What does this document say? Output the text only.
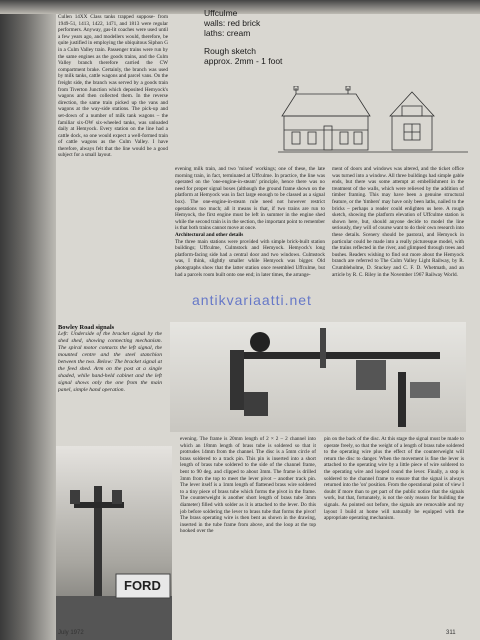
Cullen 14XX Class tanks trapped suppose- from 1949-51, 1413, 1422, 1471, and 1813 were regular performers. Anyway, gas-lit coaches were used until a few years ago, and modellers would, therefore, be quite justified in employing the ubiquitous Siphon G in a Culm Valley train. Passenger trains were run by the same engines as the goods trains, and the Culm Valley branch therefore carried the CW compartment brake. Certainly, the branch was used by milk tanks, cattle wagons and parcel vans. On the freight side, the branch was served by a goods train from Tiverton Junction which deposited Hemyock's wagons and then collected them. In the reverse direction, the same train picked up the vans and wagons at the way-side stations. The pick-up and set-down of a number of milk tank wagons – the familiar six-OW six-wheeled tanks, was unloaded daily at Hemyock. Every station on the line had a cattle dock, so one would expect a well-formed train of cattle wagons as the Culm Valley. I have therefore, always felt that the line would be a good subject for a small layout.

Uffculme
walls: red brick
laths: cream
Rough sketch
approx. 2mm - 1 foot

evening milk train, and two 'mixed' workings; one of these, the late morning train, in fact, terminated at Uffculme. In practice, the line was operated on the 'one-engine-in-steam' principle, hence there was no need for proper signal boxes (although the ground frame shown on the platform at Hemyock was in fact large enough to be classed as a signal box). The one-engine-in-steam rule need not however restrict operations too much; all it means is that, if two trains are run to Hemyock, the first engine must be left in summer in the engine shed while the second train is in the section, the important point to remember is that both trains cannot move at once.

Architectural and other details

The three main stations were provided with simple brick-built station buildings; Uffculme, Culmstock and Hemyock. Hemyock's long platform-facing side had a central door and two windows. Culmstock was, I think, slightly smaller while Hemyock was bigger. Old photographs show that the latter station once resembled Uffculme, but had a parcels room built onto one end; in later times, the arrange-

ment of doors and windows was altered, and the ticket office was turned into a window. All three buildings had simple gable ends, but there was some attempt at embellishment in the treatment of the walls, which were relieved by the addition of timber framing. This may have been a genuine structural feature, or the 'timbers' may have only been laths, nailed to the bricks – perhaps a reader could enlighten us here. A rough sketch, showing the platform elevation of Uffculme station is shown here, but, should anyone decide to model the line seriously, they will of course want to do their own research into these details. Scenery should be pastoral, and Hemyock in particular could be made into a really picturesque model, with the trains reflected in the river, and glimpsed through trees and bushes. Readers wishing to find out more about the Hemyock branch are referred to The Culm Valley Light Railway, by R. Crumbleholme, D. Stuckey and C. F. D. Whetmath, and an article by R. C. Riley in the November 1967 Railway World.

antikvariaatti.net

Bowley Road signals

Left: Underside of the bracket signal by the shed shed, showing connecting mechanism. The spiral motor contacts the left signal, the mounted centre and the steel stanchion between the two. Below: The bracket signal at the feed shed. Arm on the post at a single shaded, while hand-held cabinet and the left signal shows only the one from the main panel, simple hand operation.

FORD

evening. The frame is 20mm length of 2 × 2 – 2 channel into which an 18mm length of brass tube is soldered so that it protrudes 14mm from the channel. The disc is a 5mm circle of brass soldered to a track pin. This pin is inserted into a short length of brass tube soldered to the side of the channel frame, bent to 90 deg. and clipped to about 3mm. The frame is drilled 3mm from the top to meet the lever pivot – another track pin. The lever itself is a 1mm length of flattened brass wire soldered to a tiny piece of brass tube which forms the pivot in the frame. The counterweight is another short length of brass tube 3mm diameter) filled with solder as it is attached to the lever. Do this job before soldering the lever to brass tube that forms the pivot! The brass operating wire is then bent as shown in the drawing, inserted in the tube frame from above, and the loop at the top hooked over the

pin on the back of the disc. At this stage the signal must be made to operate freely, so that the weight of a length of brass tube soldered to the operating wire plus the effect of the counterweight will return the disc to danger. When the movement is fine the lever is attached to the operating wire by a little piece of wire soldered to the operating wire and looped round the lever. Finally, a stop is soldered to the channel frame to ensure that the signal is always returned into the 'on' position. From the operational point of view I doubt if more than to get part of the public notice that the signals work, but that, fortunately, is not the only reason for building the signals. As pointed out before, the signals are removable and my layout I build at home will naturally be equipped with the appropriate operating mechanism.

July 1972	311
